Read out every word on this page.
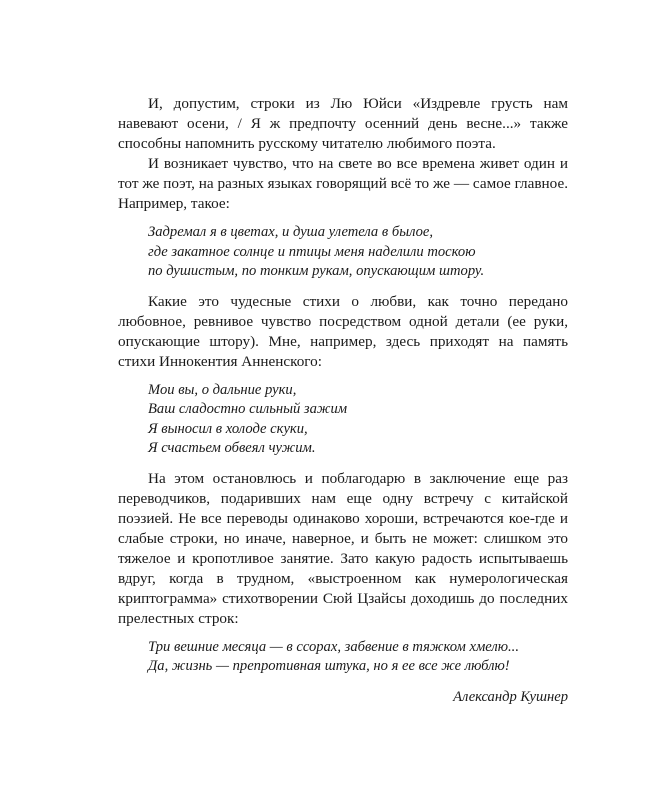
И, допустим, строки из Лю Юйси «Издревле грусть нам навевают осени, / Я ж предпочту осенний день весне...» также способны напомнить русскому читателю любимого поэта.

И возникает чувство, что на свете во все времена живет один и тот же поэт, на разных языках говорящий всё то же — самое главное. Например, такое:

Задремал я в цветах, и душа улетела в былое,
где закатное солнце и птицы меня наделили тоскою
по душистым, по тонким рукам, опускающим штору.

Какие это чудесные стихи о любви, как точно передано любовное, ревнивое чувство посредством одной детали (ее руки, опускающие штору). Мне, например, здесь приходят на память стихи Иннокентия Анненского:

Мои вы, о дальние руки,
Ваш сладостно сильный зажим
Я выносил в холоде скуки,
Я счастьем обвеял чужим.

На этом остановлюсь и поблагодарю в заключение еще раз переводчиков, подаривших нам еще одну встречу с китайской поэзией. Не все переводы одинаково хороши, встречаются кое-где и слабые строки, но иначе, наверное, и быть не может: слишком это тяжелое и кропотливое занятие. Зато какую радость испытываешь вдруг, когда в трудном, «выстроенном как нумерологическая криптограмма» стихотворении Сюй Цзайсы доходишь до последних прелестных строк:

Три вешние месяца — в ссорах, забвение в тяжком хмелю...
Да, жизнь — препротивная штука, но я ее все же люблю!

Александр Кушнер
